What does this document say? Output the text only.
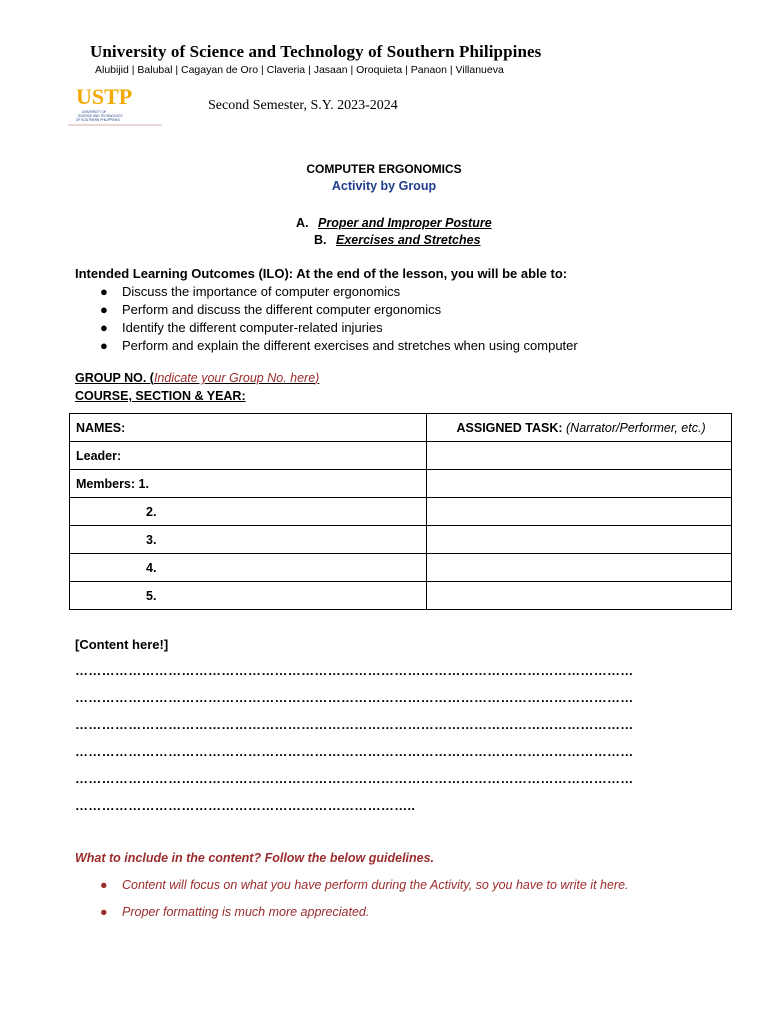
University of Science and Technology of Southern Philippines
Alubijid | Balubal | Cagayan de Oro | Claveria | Jasaan | Oroquieta | Panaon | Villanueva
USTP
UNIVERSITY OF
SCIENCE AND TECHNOLOGY
OF SOUTHERN PHILIPPINES
Second Semester, S.Y. 2023-2024
COMPUTER ERGONOMICS
Activity by Group
A. Proper and Improper Posture
B. Exercises and Stretches
Intended Learning Outcomes (ILO): At the end of the lesson, you will be able to:
● Discuss the importance of computer ergonomics
● Perform and discuss the different computer ergonomics
● Identify the different computer-related injuries
● Perform and explain the different exercises and stretches when using computer
GROUP NO. (Indicate your Group No. here)
COURSE, SECTION & YEAR:
NAMES:	ASSIGNED TASK: (Narrator/Performer, etc.)
Leader:	
Members: 1.	
2.	
3.	
4.	
5.	
[Content here!]
………………………………………………………………………………………………………………
………………………………………………………………………………………………………………
………………………………………………………………………………………………………………
………………………………………………………………………………………………………………
………………………………………………………………………………………………………………
…………………………………………………………………..
What to include in the content? Follow the below guidelines.
● Content will focus on what you have perform during the Activity, so you have to write it here.
● Proper formatting is much more appreciated.
